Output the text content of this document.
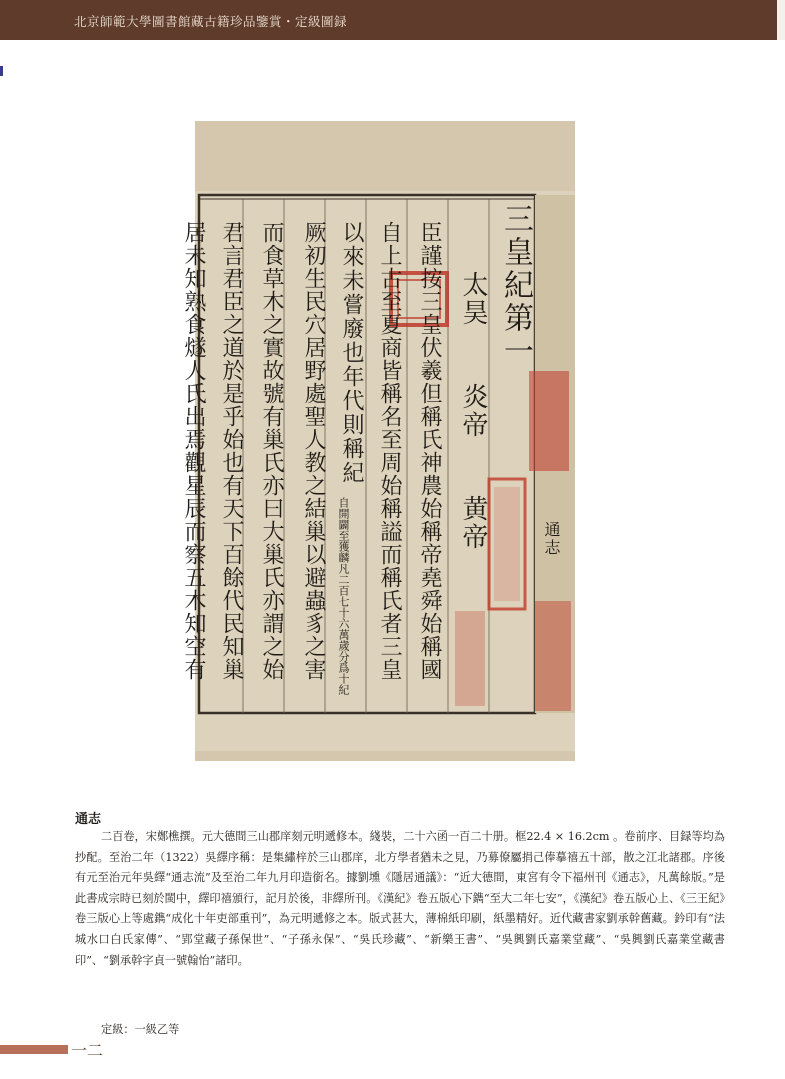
北京師範大學圖書館藏古籍珍品鑒賞・定級圖録
三皇紀第一
太昊　　炎帝　　黄帝
臣謹按三皇伏羲但稱氏神農始稱帝堯舜始稱國
自上古至夏商皆稱名至周始稱謚而稱氏者三皇
以來未嘗廢也年代則稱紀
自開闢至獲麟凡二百七十六萬歲分爲十紀
厥初生民穴居野處聖人教之結巢以避蟲豸之害
而食草木之實故號有巢氏亦曰大巢氏亦謂之始
君言君臣之道於是乎始也有天下百餘代民知巢
居未知熟食燧人氏出焉觀星辰而察五木知空有	通志
通志

二百卷，宋鄭樵撰。元大德間三山郡庠刻元明遞修本。綫裝，二十六函一百二十册。框22.4 × 16.2cm 。卷前序、目録等均為抄配。至治二年（1322）吳繹序稱：是集繡梓於三山郡庠，北方學者猶未之見，乃募僚屬捐己俸摹禧五十部，散之江北諸郡。序後有元至治元年吳繹“通志流”及至治二年九月印造銜名。據劉壎《隱居通議》：“近大德間，東宮有令下福州刊《通志》，凡萬餘版。”是此書成宗時已刻於閩中，繹印禧頒行，記月於後，非繹所刊。《漢紀》卷五版心下鐫“至大二年七安”，《漢紀》卷五版心上、《三王紀》卷三版心上等處鐫“成化十年吏部重刊”，為元明遞修之本。版式甚大，薄棉紙印刷，紙墨精好。近代藏書家劉承幹舊藏。鈐印有“法城水口白氏家傳”、“郢堂藏子孫保世”、“子孫永保”、“吳氏珍藏”、“新樂王書”、“吳興劉氏嘉業堂藏”、“吳興劉氏嘉業堂藏書印”、“劉承幹字貞一號翰怡”諸印。

定級：一級乙等
一二
